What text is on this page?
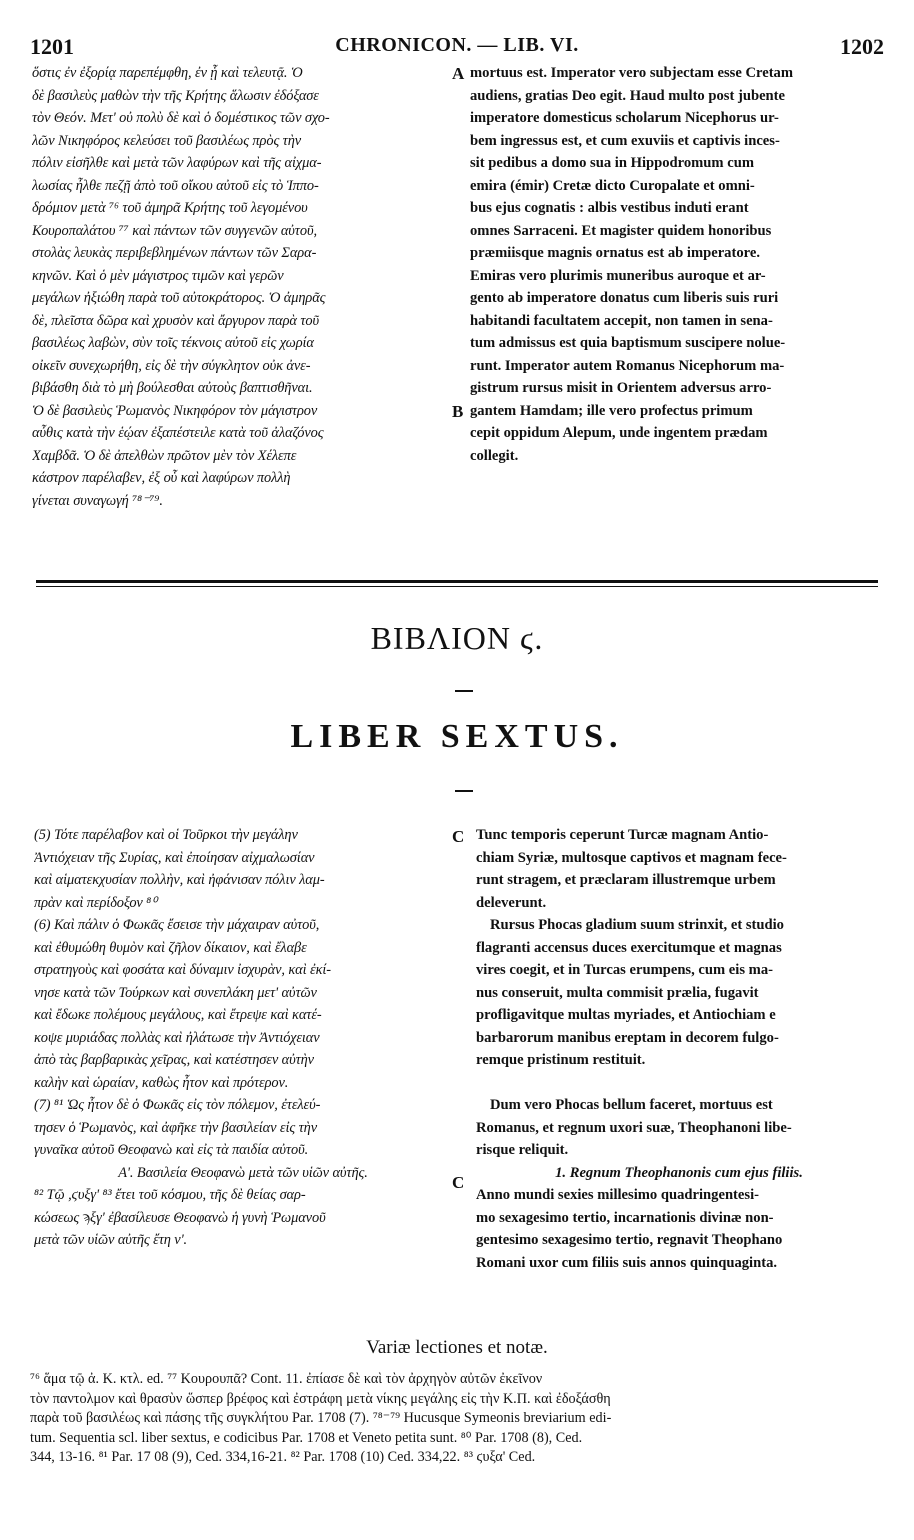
1201	CHRONICON. — LIB. VI.	1202
ὅστις ἐν ἐξορίᾳ παρεπέμφθη, ἐν ᾗ καὶ τελευτᾷ. Ὁ
δὲ βασιλεὺς μαθὼν τὴν τῆς Κρήτης ἅλωσιν ἐδόξασε
τὸν Θεόν. Μετ' οὐ πολὺ δὲ καὶ ὁ δομέστικος τῶν σχο-
λῶν Νικηφόρος κελεύσει τοῦ βασιλέως πρὸς τὴν
πόλιν εἰσῆλθε καὶ μετὰ τῶν λαφύρων καὶ τῆς αἰχμα-
λωσίας ἦλθε πεζῇ ἀπὸ τοῦ οἴκου αὐτοῦ εἰς τὸ Ἱππο-
δρόμιον μετὰ ⁷⁶ τοῦ ἀμηρᾶ Κρήτης τοῦ λεγομένου
Κουροπαλάτου ⁷⁷ καὶ πάντων τῶν συγγενῶν αὐτοῦ,
στολὰς λευκὰς περιβεβλημένων πάντων τῶν Σαρα-
κηνῶν. Καὶ ὁ μὲν μάγιστρος τιμῶν καὶ γερῶν
μεγάλων ἠξιώθη παρὰ τοῦ αὐτοκράτορος. Ὁ ἀμηρᾶς
δὲ, πλεῖστα δῶρα καὶ χρυσὸν καὶ ἄργυρον παρὰ τοῦ
βασιλέως λαβὼν, σὺν τοῖς τέκνοις αὐτοῦ εἰς χωρία
οἰκεῖν συνεχωρήθη, εἰς δὲ τὴν σύγκλητον οὐκ ἀνε-
βιβάσθη διὰ τὸ μὴ βούλεσθαι αὐτοὺς βαπτισθῆναι.
Ὁ δὲ βασιλεὺς Ῥωμανὸς Νικηφόρον τὸν μάγιστρον
αὖθις κατὰ τὴν ἑῴαν ἐξαπέστειλε κατὰ τοῦ ἀλαζόνος
Χαμβδᾶ. Ὁ δὲ ἀπελθὼν πρῶτον μὲν τὸν Χέλεπε
κάστρον παρέλαβεν, ἐξ οὗ καὶ λαφύρων πολλὴ
γίνεται συναγωγή ⁷⁸⁻⁷⁹.
mortuus est. Imperator vero subjectam esse Cretam
audiens, gratias Deo egit. Haud multo post jubente
imperatore domesticus scholarum Nicephorus ur-
bem ingressus est, et cum exuviis et captivis inces-
sit pedibus a domo sua in Hippodromum cum
emira (émir) Cretæ dicto Curopalate et omni-
bus ejus cognatis : albis vestibus induti erant
omnes Sarraceni. Et magister quidem honoribus
præmiisque magnis ornatus est ab imperatore.
Emiras vero plurimis muneribus auroque et ar-
gento ab imperatore donatus cum liberis suis ruri
habitandi facultatem accepit, non tamen in sena-
tum admissus est quia baptismum suscipere nolue-
runt. Imperator autem Romanus Nicephorum ma-
gistrum rursus misit in Orientem adversus arro-
gantem Hamdam; ille vero profectus primum
cepit oppidum Alepum, unde ingentem prædam
collegit.
A
B
ΒΙΒΛΙΟΝ ϛ.
LIBER SEXTUS.
(5) Τότε παρέλαβον καὶ οἱ Τοῦρκοι τὴν μεγάλην
Ἀντιόχειαν τῆς Συρίας, καὶ ἐποίησαν αἰχμαλωσίαν
καὶ αἱματεκχυσίαν πολλὴν, καὶ ἠφάνισαν πόλιν λαμ-
πρὰν καὶ περίδοξον ⁸⁰
(6) Καὶ πάλιν ὁ Φωκᾶς ἔσεισε τὴν μάχαιραν αὐτοῦ,
καὶ ἐθυμώθη θυμὸν καὶ ζῆλον δίκαιον, καὶ ἔλαβε
στρατηγοὺς καὶ φοσάτα καὶ δύναμιν ἰσχυρὰν, καὶ ἐκί-
νησε κατὰ τῶν Τούρκων καὶ συνεπλάκη μετ' αὐτῶν
καὶ ἔδωκε πολέμους μεγάλους, καὶ ἔτρεψε καὶ κατέ-
κοψε μυριάδας πολλὰς καὶ ἠλάτωσε τὴν Ἀντιόχειαν
ἀπὸ τὰς βαρβαρικὰς χεῖρας, καὶ κατέστησεν αὐτὴν
καλὴν καὶ ὡραίαν, καθὼς ἦτον καὶ πρότερον.
(7) ⁸¹ Ὡς ἦτον δὲ ὁ Φωκᾶς εἰς τὸν πόλεμον, ἐτελεύ-
τησεν ὁ Ῥωμανὸς, καὶ ἀφῆκε τὴν βασιλείαν εἰς τὴν
γυναῖκα αὐτοῦ Θεοφανὼ καὶ εἰς τὰ παιδία αὐτοῦ.
Α'. Βασιλεία Θεοφανὼ μετὰ τῶν υἱῶν αὐτῆς.
⁸² Τῷ ,ϛυξγ' ⁸³ ἔτει τοῦ κόσμου, τῆς δὲ θείας σαρ-
κώσεως ϡξγ' ἐβασίλευσε Θεοφανὼ ἡ γυνὴ Ῥωμανοῦ
μετὰ τῶν υἱῶν αὐτῆς ἔτη ν'.
Tunc temporis ceperunt Turcæ magnam Antio-
chiam Syriæ, multosque captivos et magnam fece-
runt stragem, et præclaram illustremque urbem
deleverunt.
Rursus Phocas gladium suum strinxit, et studio
flagranti accensus duces exercitumque et magnas
vires coegit, et in Turcas erumpens, cum eis ma-
nus conseruit, multa commisit prælia, fugavit
profligavitque multas myriades, et Antiochiam e
barbarorum manibus ereptam in decorem fulgo-
remque pristinum restituit.
Dum vero Phocas bellum faceret, mortuus est
Romanus, et regnum uxori suæ, Theophanoni libe-
risque reliquit.
1. Regnum Theophanonis cum ejus filiis.
Anno mundi sexies millesimo quadringentesi-
mo sexagesimo tertio, incarnationis divinæ non-
gentesimo sexagesimo tertio, regnavit Theophano
Romani uxor cum filiis suis annos quinquaginta.
C
C
Variæ lectiones et notæ.
⁷⁶ ἅμα τῷ ἀ. Κ. κτλ. ed. ⁷⁷ Κουρουπᾶ? Cont. 11. ἐπίασε δὲ καὶ τὸν ἀρχηγὸν αὐτῶν ἐκεῖνον
τὸν παντολμον καὶ θρασὺν ὥσπερ βρέφος καὶ ἐστράφη μετὰ νίκης μεγάλης εἰς τὴν Κ.Π. καὶ ἐδοξάσθη
παρὰ τοῦ βασιλέως καὶ πάσης τῆς συγκλήτου Par. 1708 (7). ⁷⁸⁻⁷⁹ Hucusque Symeonis breviarium edi-
tum. Sequentia scl. liber sextus, e codicibus Par. 1708 et Veneto petita sunt. ⁸⁰ Par. 1708 (8), Ced.
344, 13-16. ⁸¹ Par. 17 08 (9), Ced. 334,16-21. ⁸² Par. 1708 (10) Ced. 334,22. ⁸³ ϛυξα' Ced.
